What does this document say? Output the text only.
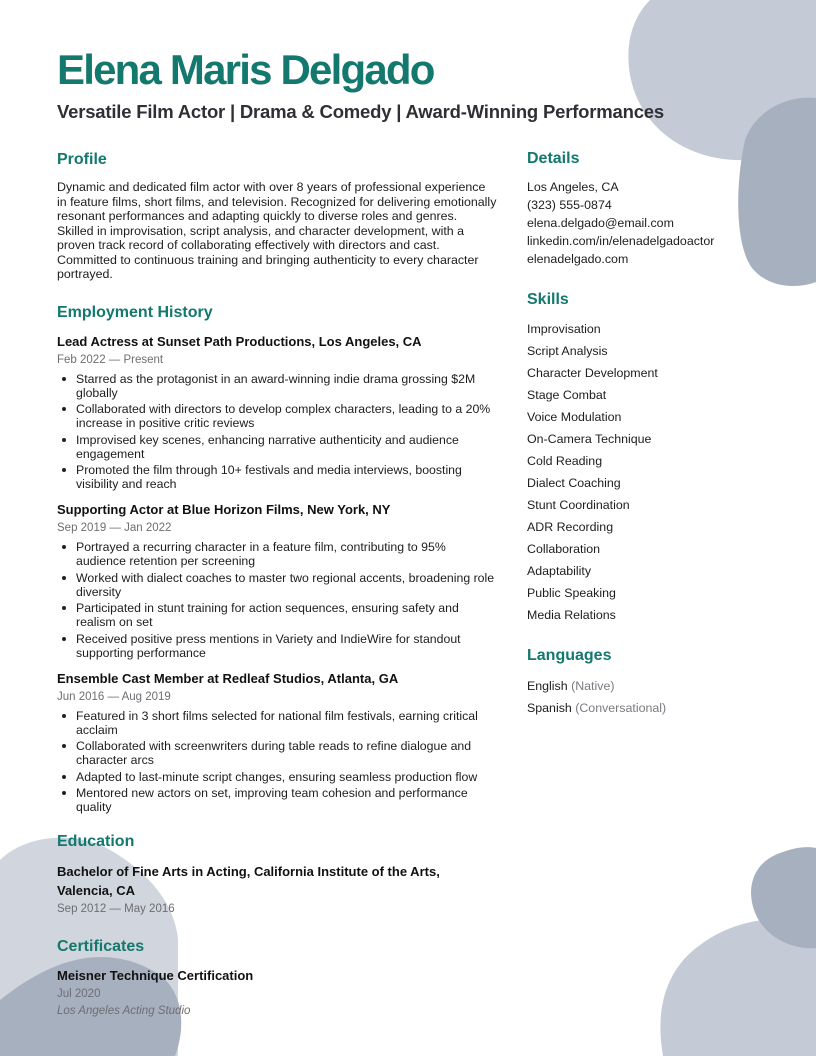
Elena Maris Delgado
Versatile Film Actor | Drama & Comedy | Award-Winning Performances
Profile

Dynamic and dedicated film actor with over 8 years of professional experience in feature films, short films, and television. Recognized for delivering emotionally resonant performances and adapting quickly to diverse roles and genres. Skilled in improvisation, script analysis, and character development, with a proven track record of collaborating effectively with directors and cast. Committed to continuous training and bringing authenticity to every character portrayed.

Employment History
Lead Actress at Sunset Path Productions, Los Angeles, CA
Feb 2022 — Present
Starred as the protagonist in an award-winning indie drama grossing $2M globally
Collaborated with directors to develop complex characters, leading to a 20% increase in positive critic reviews
Improvised key scenes, enhancing narrative authenticity and audience engagement
Promoted the film through 10+ festivals and media interviews, boosting visibility and reach
Supporting Actor at Blue Horizon Films, New York, NY
Sep 2019 — Jan 2022
Portrayed a recurring character in a feature film, contributing to 95% audience retention per screening
Worked with dialect coaches to master two regional accents, broadening role diversity
Participated in stunt training for action sequences, ensuring safety and realism on set
Received positive press mentions in Variety and IndieWire for standout supporting performance
Ensemble Cast Member at Redleaf Studios, Atlanta, GA
Jun 2016 — Aug 2019
Featured in 3 short films selected for national film festivals, earning critical acclaim
Collaborated with screenwriters during table reads to refine dialogue and character arcs
Adapted to last-minute script changes, ensuring seamless production flow
Mentored new actors on set, improving team cohesion and performance quality
Education
Bachelor of Fine Arts in Acting, California Institute of the Arts, Valencia, CA
Sep 2012 — May 2016
Certificates
Meisner Technique Certification
Jul 2020
Los Angeles Acting Studio
Details
Los Angeles, CA
(323) 555-0874
elena.delgado@email.com
linkedin.com/in/elenadelgadoactor
elenadelgado.com
Skills
Improvisation
Script Analysis
Character Development
Stage Combat
Voice Modulation
On-Camera Technique
Cold Reading
Dialect Coaching
Stunt Coordination
ADR Recording
Collaboration
Adaptability
Public Speaking
Media Relations
Languages
English (Native)
Spanish (Conversational)
